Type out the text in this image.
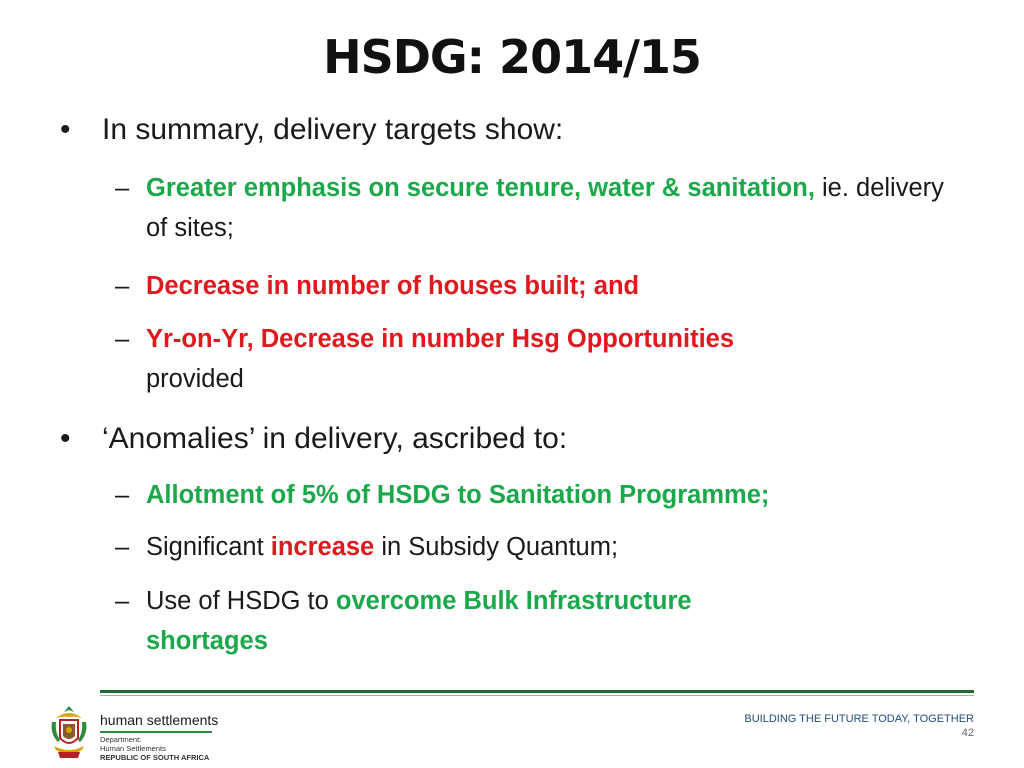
HSDG: 2014/15
•	In summary, delivery targets show:
– Greater emphasis on secure tenure, water & sanitation, ie. delivery of sites;
– Decrease in number of houses built; and
– Yr-on-Yr, Decrease in number Hsg Opportunities
provided
•	‘Anomalies’ in delivery, ascribed to:
– Allotment of 5% of HSDG to Sanitation Programme;
– Significant increase in Subsidy Quantum;
– Use of HSDG to overcome Bulk Infrastructure
shortages
human settlements
Department:
Human Settlements
REPUBLIC OF SOUTH AFRICA
BUILDING THE FUTURE TODAY, TOGETHER
42
